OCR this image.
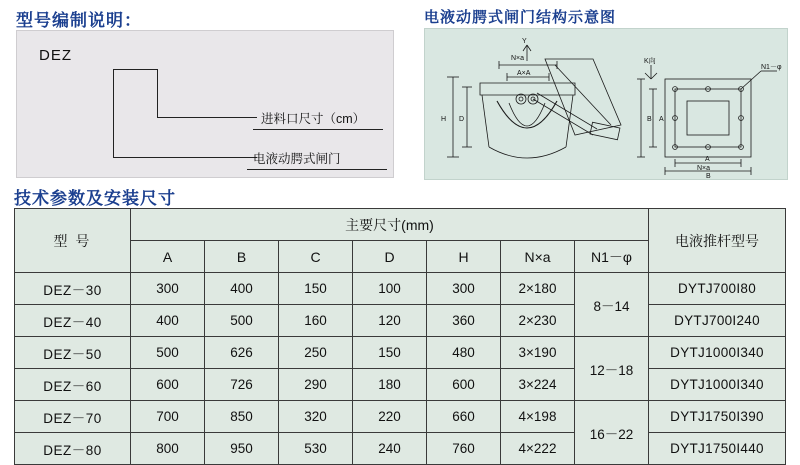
型号编制说明：
DEZ
进料口尺寸（cm）
电液动腭式闸门
电液动腭式闸门结构示意图
Y
N×a
A×A
H D
K向
N1－φ
B A
A
N×a
B
技术参数及安装尺寸
型 号	主要尺寸(mm)							电液推杆型号
	A	B	C	D	H	N×a	N1－φ	
DEZ－30	300	400	150	100	300	2×180	8－14	DYTJ700I80
DEZ－40	400	500	160	120	360	2×230		DYTJ700I240
DEZ－50	500	626	250	150	480	3×190	12－18	DYTJ1000I340
DEZ－60	600	726	290	180	600	3×224		DYTJ1000I340
DEZ－70	700	850	320	220	660	4×198	16－22	DYTJ1750I390
DEZ－80	800	950	530	240	760	4×222		DYTJ1750I440
